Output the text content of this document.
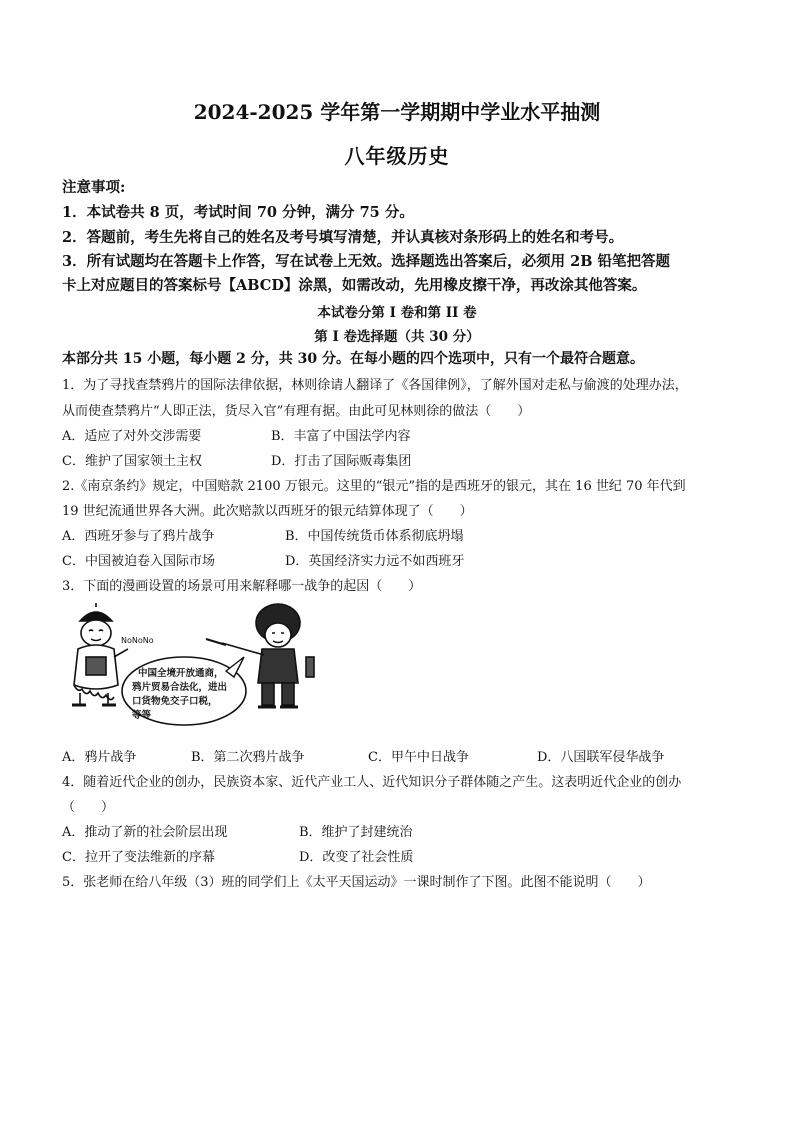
2024-2025 学年第一学期期中学业水平抽测
八年级历史
注意事项:
1．本试卷共 8 页，考试时间 70 分钟，满分 75 分。
2．答题前，考生先将自己的姓名及考号填写清楚，并认真核对条形码上的姓名和考号。
3．所有试题均在答题卡上作答，写在试卷上无效。选择题选出答案后，必须用 2B 铅笔把答题
卡上对应题目的答案标号【ABCD】涂黑，如需改动，先用橡皮擦干净，再改涂其他答案。
本试卷分第 I 卷和第 II 卷
第 I 卷选择题（共 30 分）
本部分共 15 小题，每小题 2 分，共 30 分。在每小题的四个选项中，只有一个最符合题意。
1．为了寻找查禁鸦片的国际法律依据，林则徐请人翻译了《各国律例》，了解外国对走私与偷渡的处理办法，
从而使查禁鸦片“人即正法，货尽入官”有理有据。由此可见林则徐的做法（　　）
A．适应了对外交涉需要	B．丰富了中国法学内容
C．维护了国家领土主权	D．打击了国际贩毒集团
2.《南京条约》规定，中国赔款 2100 万银元。这里的“银元”指的是西班牙的银元，其在 16 世纪 70 年代到
19 世纪流通世界各大洲。此次赔款以西班牙的银元结算体现了（　　）
A．西班牙参与了鸦片战争	B．中国传统货币体系彻底坍塌
C．中国被迫卷入国际市场	D．英国经济实力远不如西班牙
3．下面的漫画设置的场景可用来解释哪一战争的起因（　　）
NoNoNo
中国全境开放通商，
鸦片贸易合法化，进出
口货物免交子口税，
等等
A．鸦片战争	B．第二次鸦片战争	C．甲午中日战争	D．八国联军侵华战争
4．随着近代企业的创办，民族资本家、近代产业工人、近代知识分子群体随之产生。这表明近代企业的创办
（　　）
A．推动了新的社会阶层出现	B．维护了封建统治
C．拉开了变法维新的序幕	D．改变了社会性质
5．张老师在给八年级（3）班的同学们上《太平天国运动》一课时制作了下图。此图不能说明（　　）
